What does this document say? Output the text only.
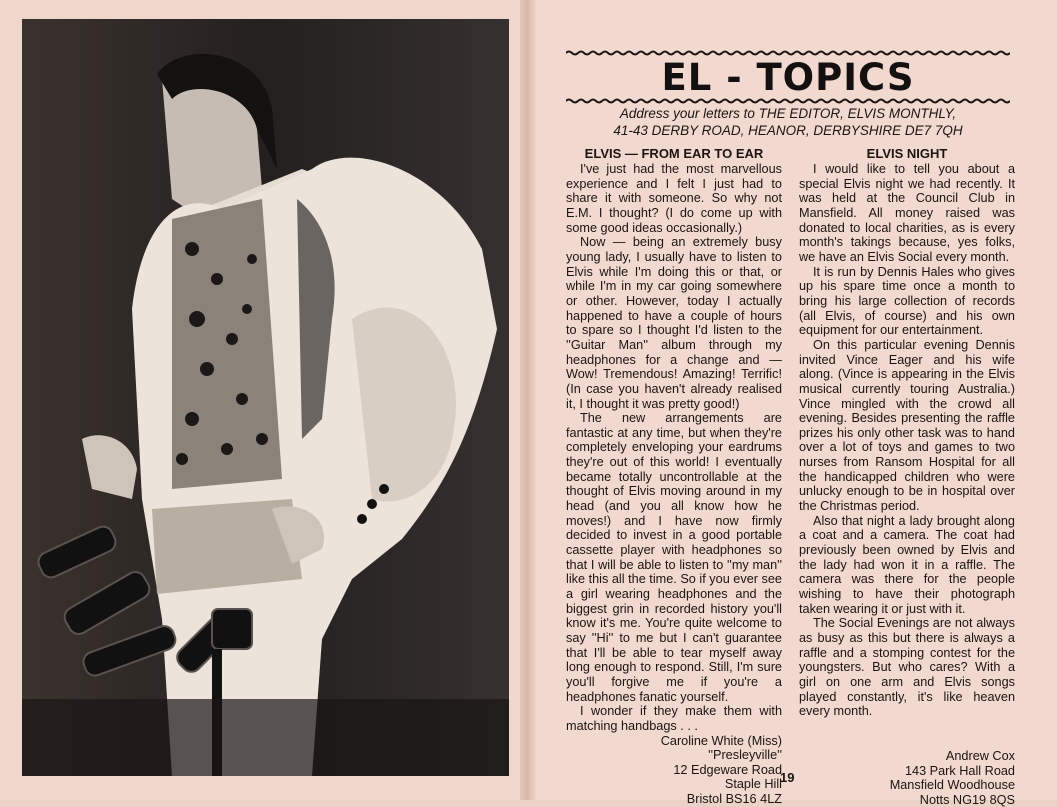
EL - TOPICS
Address your letters to THE EDITOR, ELVIS MONTHLY,
41-43 DERBY ROAD, HEANOR, DERBYSHIRE DE7 7QH
ELVIS — FROM EAR TO EAR

I've just had the most marvellous experience and I felt I just had to share it with someone. So why not E.M. I thought? (I do come up with some good ideas occasionally.)

Now — being an extremely busy young lady, I usually have to listen to Elvis while I'm doing this or that, or while I'm in my car going somewhere or other. However, today I actually happened to have a couple of hours to spare so I thought I'd listen to the ''Guitar Man'' album through my headphones for a change and — Wow! Tremendous! Amazing! Terrific! (In case you haven't already realised it, I thought it was pretty good!)

The new arrangements are fantastic at any time, but when they're completely enveloping your eardrums they're out of this world! I eventually became totally uncontrollable at the thought of Elvis moving around in my head (and you all know how he moves!) and I have now firmly decided to invest in a good portable cassette player with headphones so that I will be able to listen to ''my man'' like this all the time. So if you ever see a girl wearing headphones and the biggest grin in recorded history you'll know it's me. You're quite welcome to say ''Hi'' to me but I can't guarantee that I'll be able to tear myself away long enough to respond. Still, I'm sure you'll forgive me if you're a headphones fanatic yourself.

I wonder if they make them with matching handbags . . .

Caroline White (Miss)
''Presleyville''
12 Edgeware Road
Staple Hill
Bristol BS16 4LZ
ELVIS NIGHT

I would like to tell you about a special Elvis night we had recently. It was held at the Council Club in Mansfield. All money raised was donated to local charities, as is every month's takings because, yes folks, we have an Elvis Social every month.

It is run by Dennis Hales who gives up his spare time once a month to bring his large collection of records (all Elvis, of course) and his own equipment for our entertainment.

On this particular evening Dennis invited Vince Eager and his wife along. (Vince is appearing in the Elvis musical currently touring Australia.) Vince mingled with the crowd all evening. Besides presenting the raffle prizes his only other task was to hand over a lot of toys and games to two nurses from Ransom Hospital for all the handicapped children who were unlucky enough to be in hospital over the Christmas period.

Also that night a lady brought along a coat and a camera. The coat had previously been owned by Elvis and the lady had won it in a raffle. The camera was there for the people wishing to have their photograph taken wearing it or just with it.

The Social Evenings are not always as busy as this but there is always a raffle and a stomping contest for the youngsters. But who cares? With a girl on one arm and Elvis songs played constantly, it's like heaven every month.

Andrew Cox
143 Park Hall Road
Mansfield Woodhouse
Notts NG19 8QS
19
